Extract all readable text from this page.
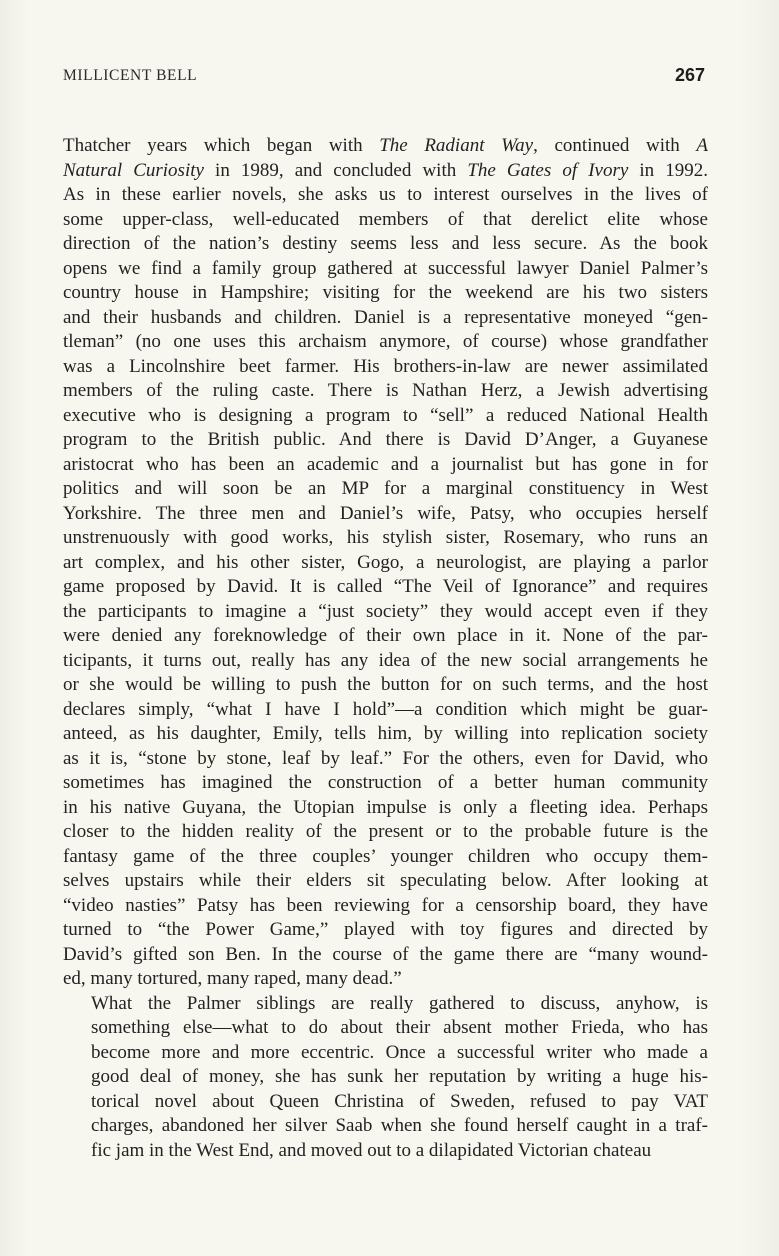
MILLICENT BELL	267

Thatcher years which began with The Radiant Way, continued with A
Natural Curiosity in 1989, and concluded with The Gates of Ivory in 1992.
As in these earlier novels, she asks us to interest ourselves in the lives of
some upper-class, well-educated members of that derelict elite whose
direction of the nation’s destiny seems less and less secure. As the book
opens we find a family group gathered at successful lawyer Daniel Palmer’s
country house in Hampshire; visiting for the weekend are his two sisters
and their husbands and children. Daniel is a representative moneyed “gen-
tleman” (no one uses this archaism anymore, of course) whose grandfather
was a Lincolnshire beet farmer. His brothers-in-law are newer assimilated
members of the ruling caste. There is Nathan Herz, a Jewish advertising
executive who is designing a program to “sell” a reduced National Health
program to the British public. And there is David D’Anger, a Guyanese
aristocrat who has been an academic and a journalist but has gone in for
politics and will soon be an MP for a marginal constituency in West
Yorkshire. The three men and Daniel’s wife, Patsy, who occupies herself
unstrenuously with good works, his stylish sister, Rosemary, who runs an
art complex, and his other sister, Gogo, a neurologist, are playing a parlor
game proposed by David. It is called “The Veil of Ignorance” and requires
the participants to imagine a “just society” they would accept even if they
were denied any foreknowledge of their own place in it. None of the par-
ticipants, it turns out, really has any idea of the new social arrangements he
or she would be willing to push the button for on such terms, and the host
declares simply, “what I have I hold”—a condition which might be guar-
anteed, as his daughter, Emily, tells him, by willing into replication society
as it is, “stone by stone, leaf by leaf.” For the others, even for David, who
sometimes has imagined the construction of a better human community
in his native Guyana, the Utopian impulse is only a fleeting idea. Perhaps
closer to the hidden reality of the present or to the probable future is the
fantasy game of the three couples’ younger children who occupy them-
selves upstairs while their elders sit speculating below. After looking at
“video nasties” Patsy has been reviewing for a censorship board, they have
turned to “the Power Game,” played with toy figures and directed by
David’s gifted son Ben. In the course of the game there are “many wound-
ed, many tortured, many raped, many dead.”

What the Palmer siblings are really gathered to discuss, anyhow, is
something else—what to do about their absent mother Frieda, who has
become more and more eccentric. Once a successful writer who made a
good deal of money, she has sunk her reputation by writing a huge his-
torical novel about Queen Christina of Sweden, refused to pay VAT
charges, abandoned her silver Saab when she found herself caught in a traf-
fic jam in the West End, and moved out to a dilapidated Victorian chateau
